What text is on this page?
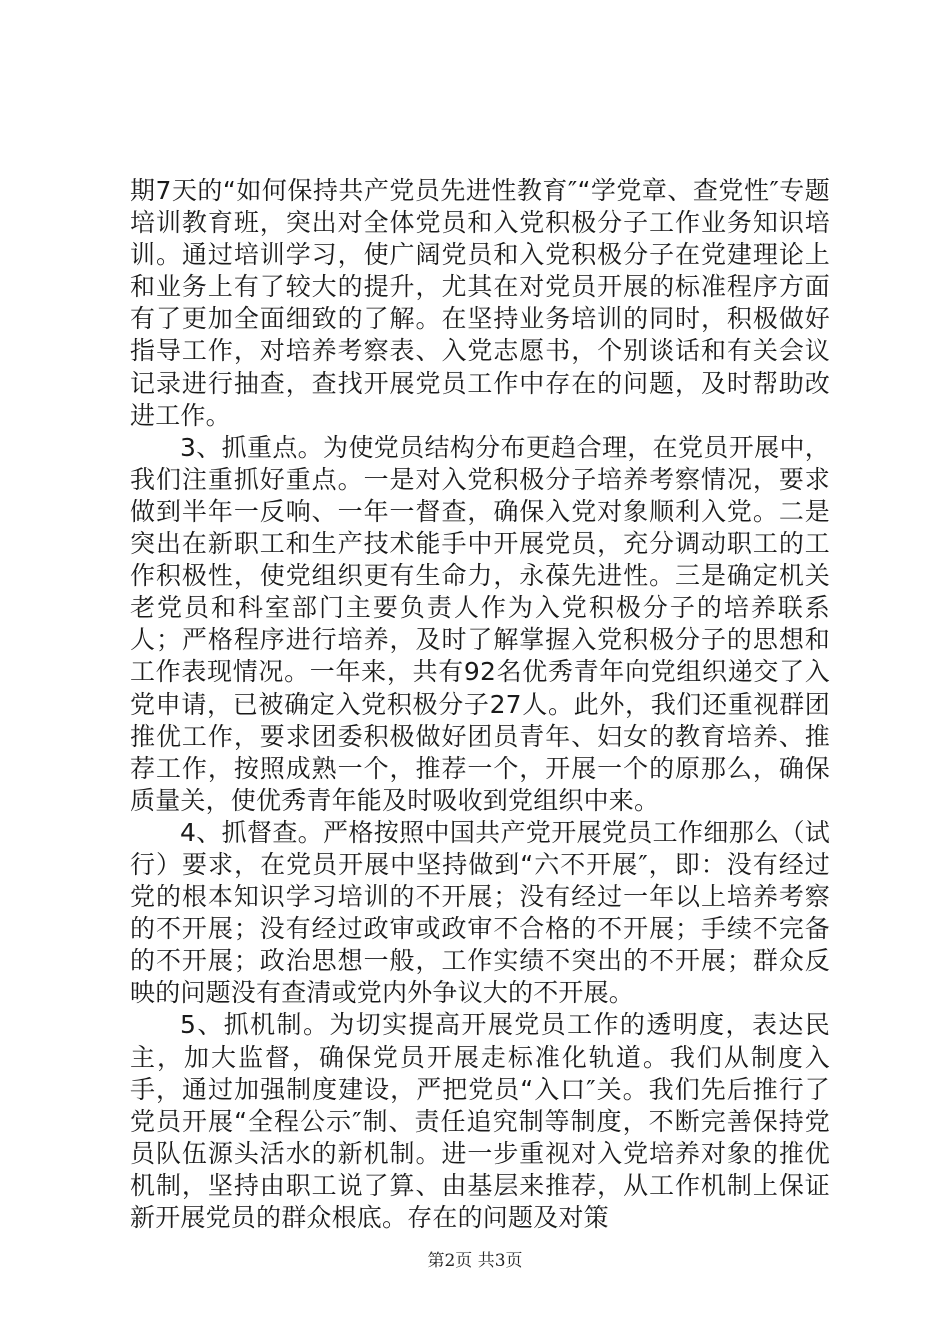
期7天的“如何保持共产党员先进性教育″“学党章、查党性″专题培训教育班，突出对全体党员和入党积极分子工作业务知识培训。通过培训学习，使广阔党员和入党积极分子在党建理论上和业务上有了较大的提升，尤其在对党员开展的标准程序方面有了更加全面细致的了解。在坚持业务培训的同时，积极做好指导工作，对培养考察表、入党志愿书，个别谈话和有关会议记录进行抽查，查找开展党员工作中存在的问题，及时帮助改进工作。

3、抓重点。为使党员结构分布更趋合理，在党员开展中，我们注重抓好重点。一是对入党积极分子培养考察情况，要求做到半年一反响、一年一督查，确保入党对象顺利入党。二是突出在新职工和生产技术能手中开展党员，充分调动职工的工作积极性，使党组织更有生命力，永葆先进性。三是确定机关老党员和科室部门主要负责人作为入党积极分子的培养联系人；严格程序进行培养，及时了解掌握入党积极分子的思想和工作表现情况。一年来，共有92名优秀青年向党组织递交了入党申请，已被确定入党积极分子27人。此外，我们还重视群团推优工作，要求团委积极做好团员青年、妇女的教育培养、推荐工作，按照成熟一个，推荐一个，开展一个的原那么，确保质量关，使优秀青年能及时吸收到党组织中来。

4、抓督查。严格按照中国共产党开展党员工作细那么（试行）要求，在党员开展中坚持做到“六不开展″，即：没有经过党的根本知识学习培训的不开展；没有经过一年以上培养考察的不开展；没有经过政审或政审不合格的不开展；手续不完备的不开展；政治思想一般，工作实绩不突出的不开展；群众反映的问题没有查清或党内外争议大的不开展。

5、抓机制。为切实提高开展党员工作的透明度，表达民主，加大监督，确保党员开展走标准化轨道。我们从制度入手，通过加强制度建设，严把党员“入口″关。我们先后推行了党员开展“全程公示″制、责任追究制等制度，不断完善保持党员队伍源头活水的新机制。进一步重视对入党培养对象的推优机制，坚持由职工说了算、由基层来推荐，从工作机制上保证新开展党员的群众根底。存在的问题及对策

第2页 共3页
